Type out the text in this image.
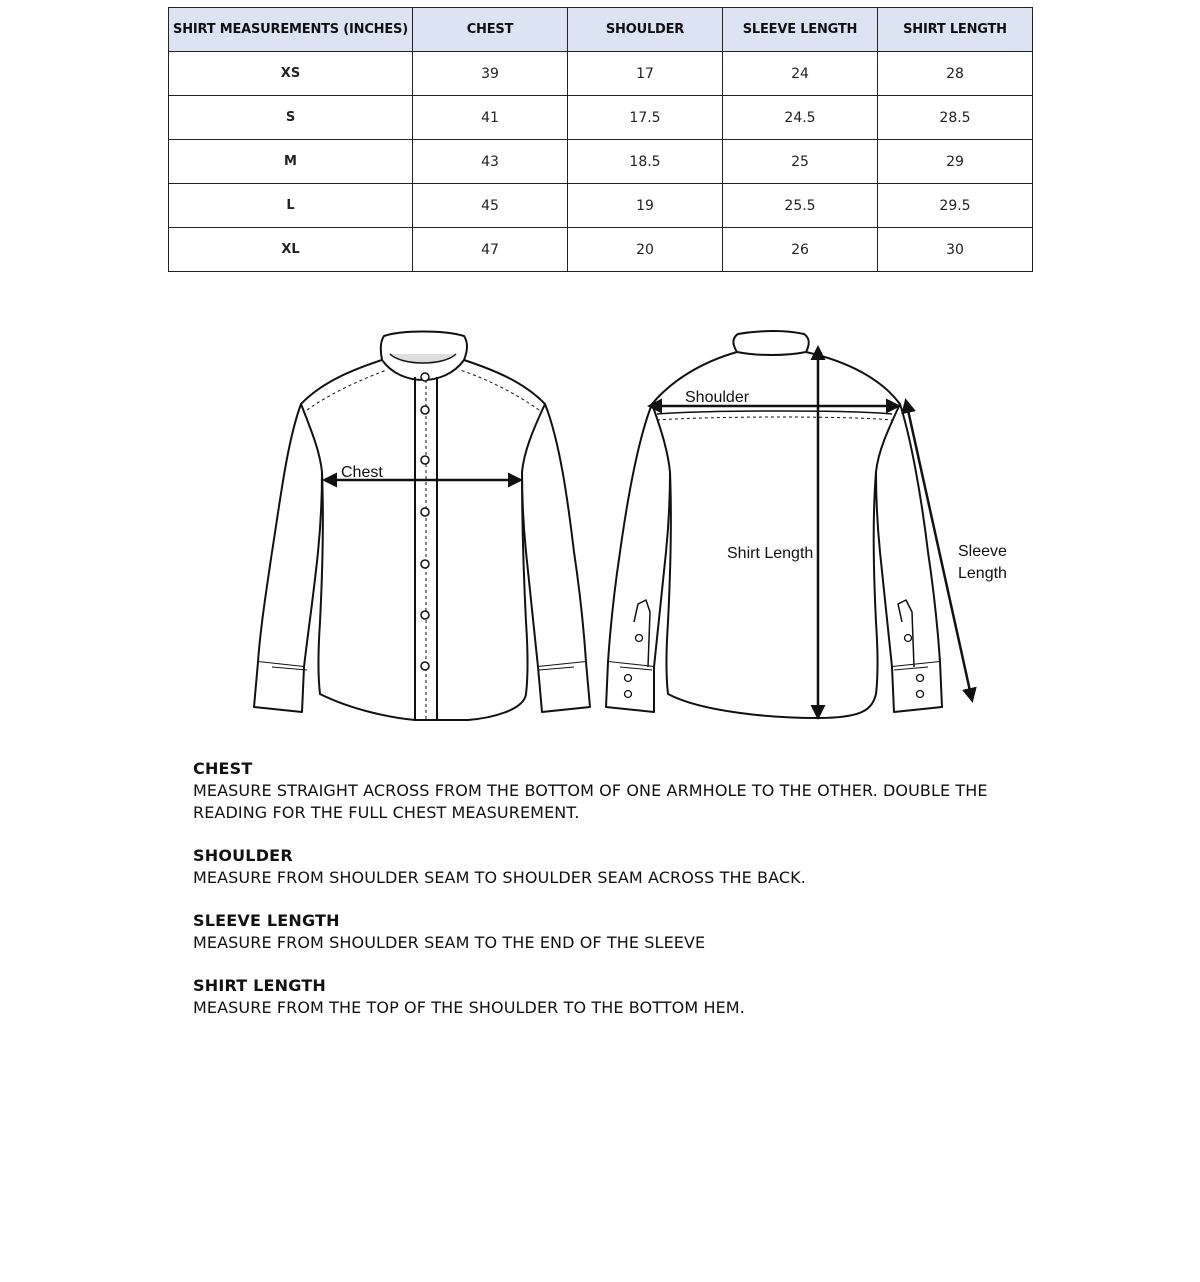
SHIRT MEASUREMENTS (INCHES)	CHEST	SHOULDER	SLEEVE LENGTH	SHIRT LENGTH
XS	39	17	24	28
S	41	17.5	24.5	28.5
M	43	18.5	25	29
L	45	19	25.5	29.5
XL	47	20	26	30
Chest
Shoulder
Shirt Length	Sleeve
Length
CHEST
MEASURE STRAIGHT ACROSS FROM THE BOTTOM OF ONE ARMHOLE TO THE OTHER. DOUBLE THE READING FOR THE FULL CHEST MEASUREMENT.
SHOULDER
MEASURE FROM SHOULDER SEAM TO SHOULDER SEAM ACROSS THE BACK.
SLEEVE LENGTH
MEASURE FROM SHOULDER SEAM TO THE END OF THE SLEEVE
SHIRT LENGTH
MEASURE FROM THE TOP OF THE SHOULDER TO THE BOTTOM HEM.
